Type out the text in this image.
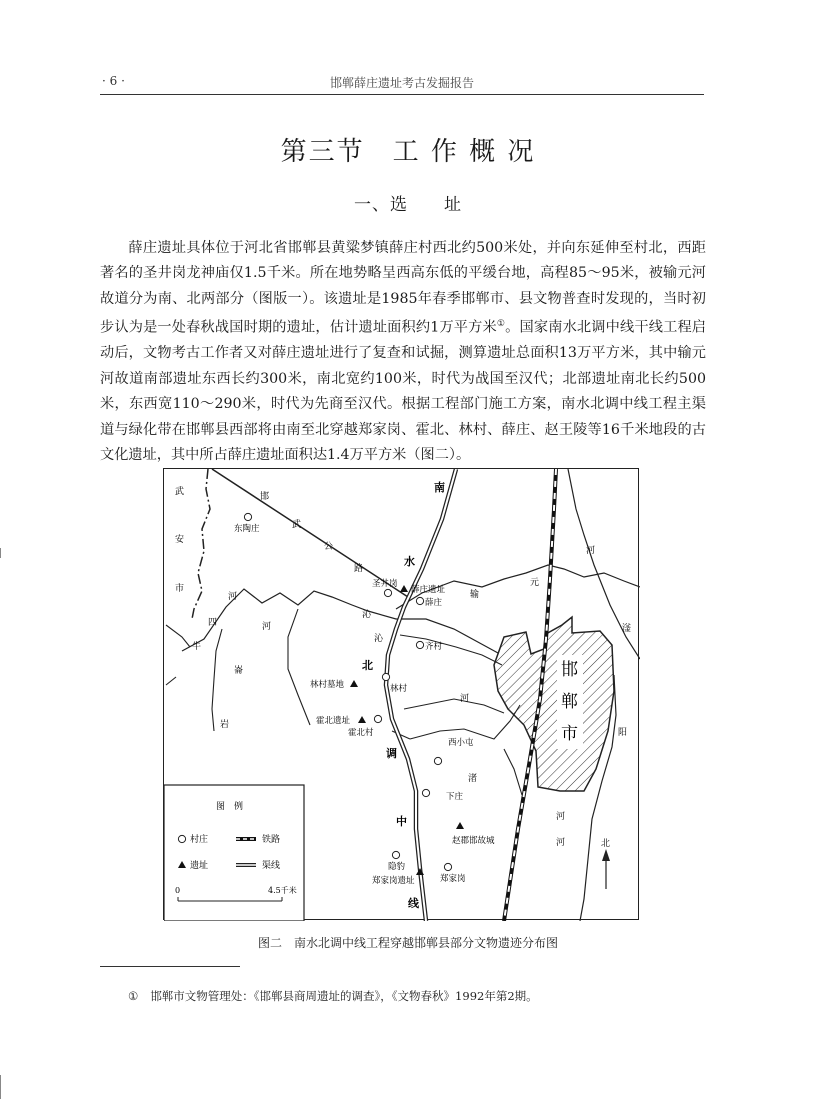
· 6 ·	邯郸薛庄遗址考古发掘报告
第三节　工 作 概 况
一、选　　址

薛庄遗址具体位于河北省邯郸县黄粱梦镇薛庄村西北约500米处，并向东延伸至村北，西距著名的圣井岗龙神庙仅1.5千米。所在地势略呈西高东低的平缓台地，高程85～95米，被输元河故道分为南、北两部分（图版一）。该遗址是1985年春季邯郸市、县文物普查时发现的，当时初步认为是一处春秋战国时期的遗址，估计遗址面积约1万平方米①。国家南水北调中线干线工程启动后，文物考古工作者又对薛庄遗址进行了复查和试掘，测算遗址总面积13万平方米，其中输元河故道南部遗址东西长约300米，南北宽约100米，时代为战国至汉代；北部遗址南北长约500米，东西宽110～290米，时代为先商至汉代。根据工程部门施工方案，南水北调中线工程主渠道与绿化带在邯郸县西部将由南至北穿越郑家岗、霍北、林村、薛庄、赵王陵等16千米地段的古文化遗址，其中所占薛庄遗址面积达1.4万平方米（图二）。

北
图　例
村庄	铁路
遗址	渠线
0	4.5千米
武
安
市
邯
武
公
路
河
四
牛
河
崙
岩
沁
沁
元
输
河
滏
阳
河
渚
河
河
南
水
北
调
中
线
东陶庄
圣井岗
薛庄
齐村
林村
霍北村
西小屯
下庄
隐豹
郑家岗
薛庄遗址
林村墓地
霍北遗址
赵郡邯故城
郑家岗遗址
邯
郸
市
图二　南水北调中线工程穿越邯郸县部分文物遗迹分布图
① 邯郸市文物管理处：《邯郸县商周遗址的调查》，《文物春秋》1992年第2期。
